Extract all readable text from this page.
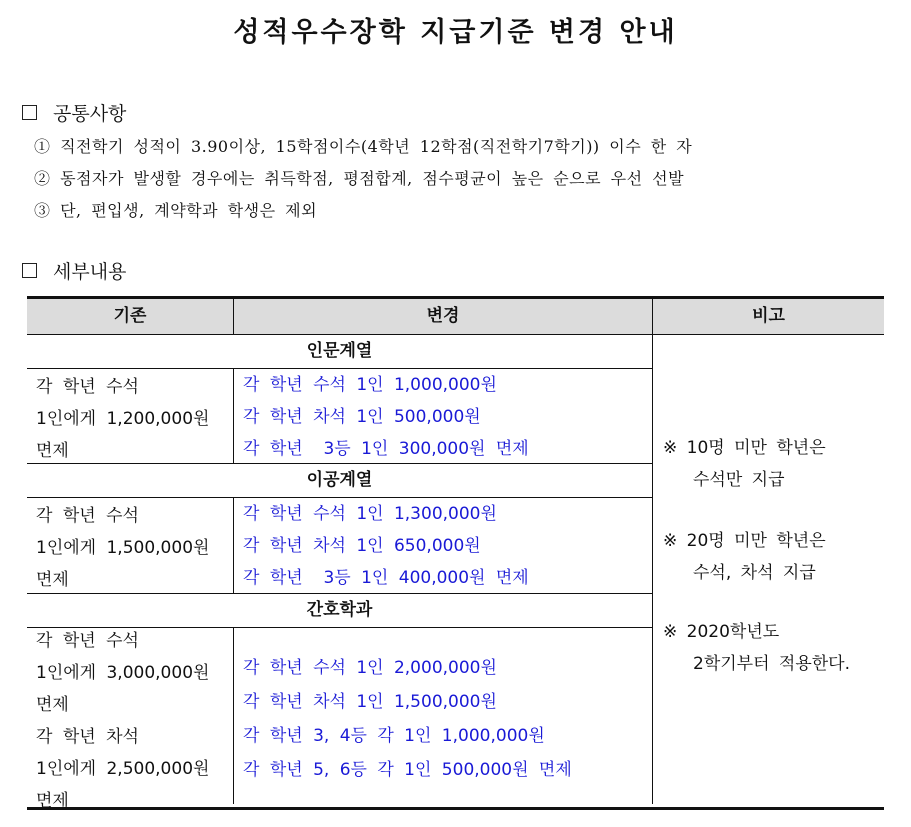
성적우수장학 지급기준 변경 안내
공통사항
① 직전학기 성적이 3.90이상, 15학점이수(4학년 12학점(직전학기7학기)) 이수 한 자
② 동점자가 발생할 경우에는 취득학점, 평점합계, 점수평균이 높은 순으로 우선 선발
③ 단, 편입생, 계약학과 학생은 제외
세부내용
기존	변경	비고
인문계열
각 학년 수석
1인에게 1,200,000원
면제
각 학년 수석 1인 1,000,000원
각 학년 차석 1인 500,000원
각 학년  3등 1인 300,000원 면제
이공계열
각 학년 수석
1인에게 1,500,000원
면제
각 학년 수석 1인 1,300,000원
각 학년 차석 1인 650,000원
각 학년  3등 1인 400,000원 면제
간호학과
각 학년 수석
1인에게 3,000,000원
면제
각 학년 차석
1인에게 2,500,000원
면제
각 학년 수석 1인 2,000,000원
각 학년 차석 1인 1,500,000원
각 학년 3, 4등 각 1인 1,000,000원
각 학년 5, 6등 각 1인 500,000원 면제
※ 10명 미만 학년은
수석만 지급
※ 20명 미만 학년은
수석, 차석 지급
※ 2020학년도
2학기부터 적용한다.
